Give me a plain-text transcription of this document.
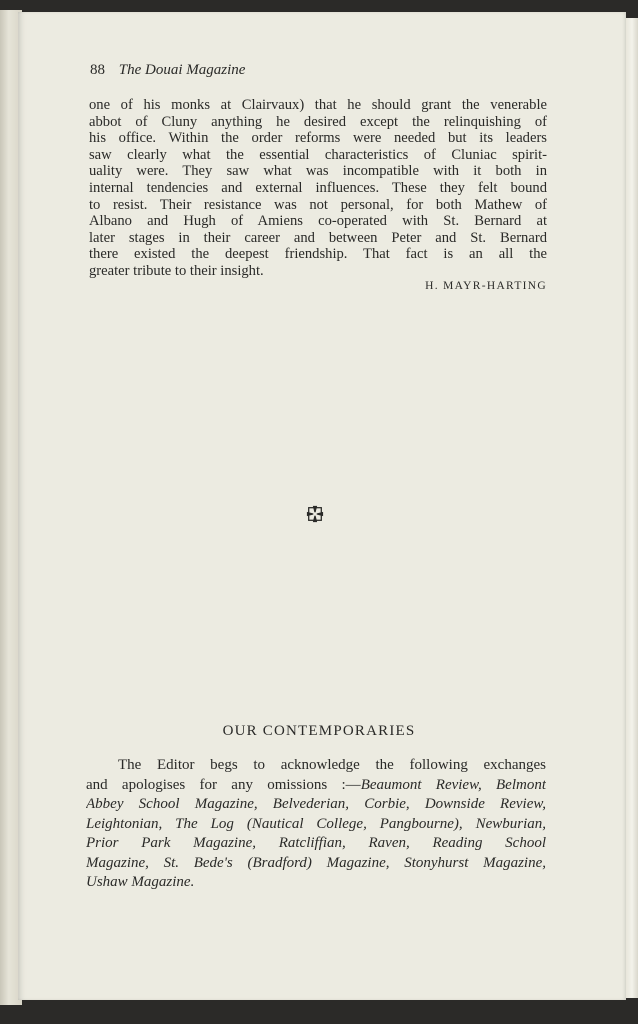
88 The Douai Magazine
one of his monks at Clairvaux) that he should grant the venerable
abbot of Cluny anything he desired except the relinquishing of
his office. Within the order reforms were needed but its leaders
saw clearly what the essential characteristics of Cluniac spirit-
uality were. They saw what was incompatible with it both in
internal tendencies and external influences. These they felt bound
to resist. Their resistance was not personal, for both Mathew of
Albano and Hugh of Amiens co-operated with St. Bernard at
later stages in their career and between Peter and St. Bernard
there existed the deepest friendship. That fact is an all the
greater tribute to their insight.
H. MAYR-HARTING
OUR CONTEMPORARIES
The Editor begs to acknowledge the following exchanges
and apologises for any omissions :—Beaumont Review, Belmont
Abbey School Magazine, Belvederian, Corbie, Downside Review,
Leightonian, The Log (Nautical College, Pangbourne), Newburian,
Prior Park Magazine, Ratcliffian, Raven, Reading School
Magazine, St. Bede's (Bradford) Magazine, Stonyhurst Magazine,
Ushaw Magazine.
